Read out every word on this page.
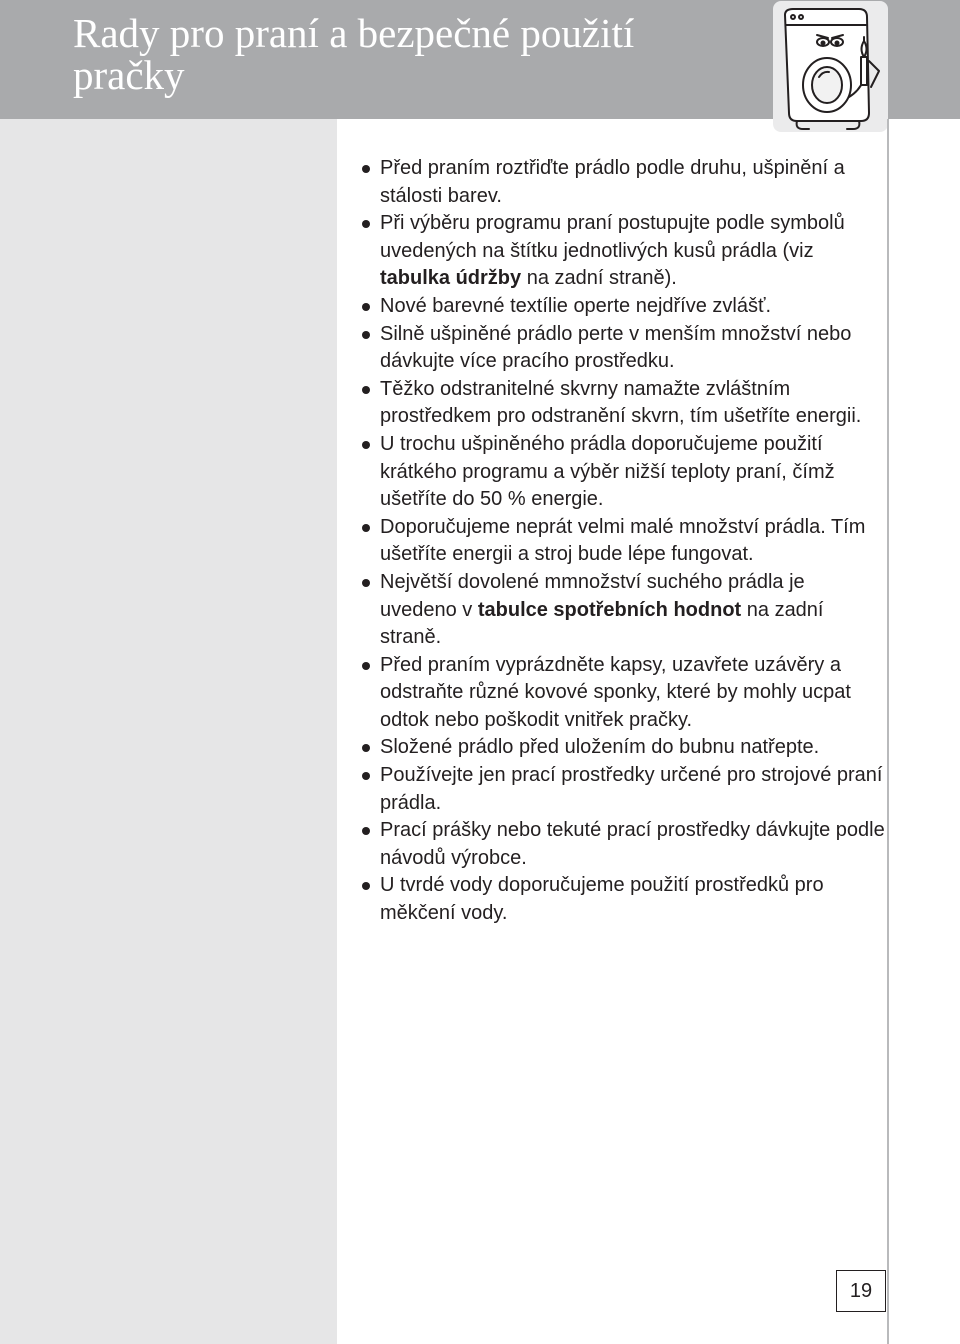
Rady pro praní a bezpečné použití pračky
Před praním roztřiďte prádlo podle druhu, ušpinění a stálosti barev.
Při výběru programu praní postupujte podle symbolů uvedených na štítku jednotlivých kusů prádla (viz tabulka údržby na zadní straně).
Nové barevné textílie operte nejdříve zvlášť.
Silně ušpiněné prádlo perte v menším množství nebo dávkujte více pracího prostředku.
Těžko odstranitelné skvrny namažte zvláštním prostředkem pro odstranění skvrn, tím ušetříte energii.
U trochu ušpiněného prádla doporučujeme použití krátkého programu a výběr nižší teploty praní, čímž ušetříte do 50 % energie.
Doporučujeme neprát velmi malé množství prádla. Tím ušetříte energii a stroj bude lépe fungovat.
Největší dovolené mmnožství suchého prádla je uvedeno v tabulce spotřebních hodnot na zadní straně.
Před praním vyprázdněte kapsy, uzavřete uzávěry a odstraňte různé kovové sponky, které by mohly ucpat odtok nebo poškodit vnitřek pračky.
Složené prádlo před uložením do bubnu natřepte.
Používejte jen prací prostředky určené pro strojové praní prádla.
Prací prášky nebo tekuté prací prostředky dávkujte podle návodů výrobce.
U tvrdé vody doporučujeme použití prostředků pro měkčení vody.
19
